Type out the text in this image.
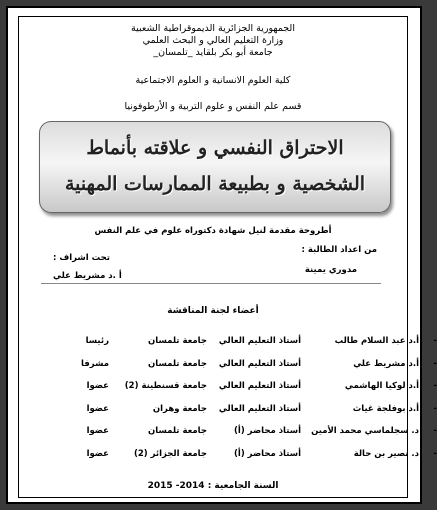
الجمهورية الجزائرية الديموقراطية الشعبية
وزارة التعليم العالي و البحث العلمي
جامعة أبو بكر بلقايد _تلمسان_
كلية العلوم الانسانية و العلوم الاجتماعية
قسم علم النفس و علوم التربية و الأرطوفونيا
الاحتراق النفسي و علاقته بأنماط
الشخصية و بطبيعة الممارسات المهنية
أطروحة مقدمة لنيل شهادة دكتوراه علوم في علم النفس
من اعداد الطالبة :
تحت اشراف :
مدوري يمينة
أ .د مشريط علي
أعضاء لجنة المناقشة
-
أ.د عبد السلام طالب
أستاذ التعليم العالي
جامعة تلمسان
رئيسا
-
أ.د مشريط علي
أستاذ التعليم العالي
جامعة تلمسان
مشرفا
-
أ.د لوكيا الهاشمي
أستاذ التعليم العالي
جامعة قسنطينة (2)
عضوا
-
أ.د بوفلجة غياث
أستاذ التعليم العالي
جامعة وهران
عضوا
-
د. سجلماسي محمد الأمين
أستاذ محاضر (أ)
جامعة تلمسان
عضوا
-
د. نصير بن حالة
أستاذ محاضر (أ)
جامعة الجزائر (2)
عضوا
السنة الجامعية : 2014- 2015
